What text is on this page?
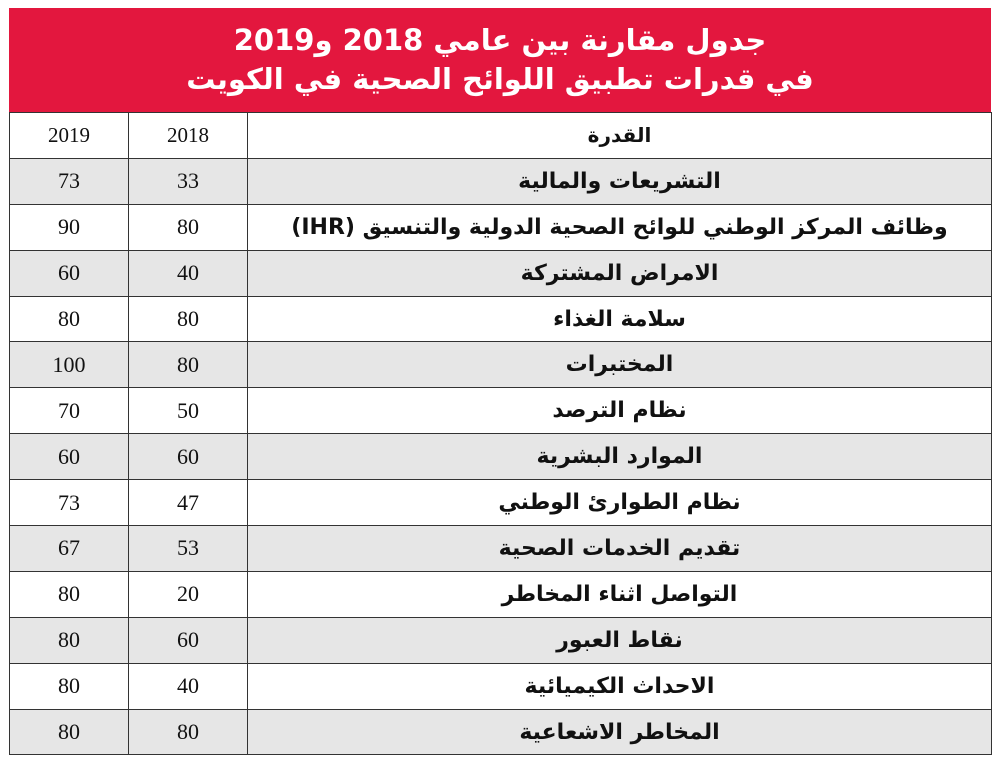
جدول مقارنة بين عامي 2018 و2019
في قدرات تطبيق اللوائح الصحية في الكويت
القدرة	2018	2019
التشريعات والمالية	33	73
وظائف المركز الوطني للوائح الصحية الدولية والتنسيق (IHR)	80	90
الامراض المشتركة	40	60
سلامة الغذاء	80	80
المختبرات	80	100
نظام الترصد	50	70
الموارد البشرية	60	60
نظام الطوارئ الوطني	47	73
تقديم الخدمات الصحية	53	67
التواصل اثناء المخاطر	20	80
نقاط العبور	60	80
الاحداث الكيميائية	40	80
المخاطر الاشعاعية	80	80
